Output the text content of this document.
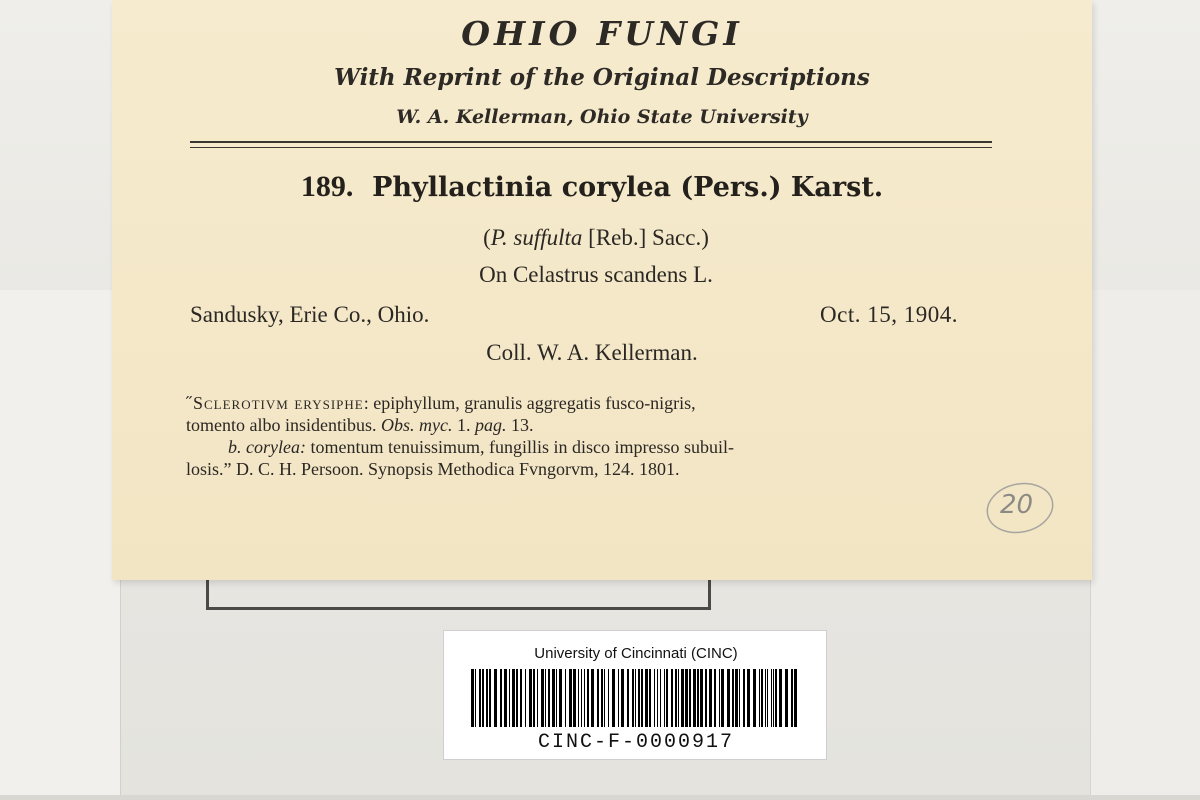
OHIO FUNGI
With Reprint of the Original Descriptions
W. A. Kellerman, Ohio State University
189. Phyllactinia corylea (Pers.) Karst.
(P. suffulta [Reb.] Sacc.)
On Celastrus scandens L.
Sandusky, Erie Co., Ohio.	Oct. 15, 1904.
Coll. W. A. Kellerman.
˝Sclerotivm erysiphe: epiphyllum, granulis aggregatis fusco-nigris,
tomento albo insidentibus. Obs. myc. 1. pag. 13.
b. corylea: tomentum tenuissimum, fungillis in disco impresso subuil-
losis.” D. C. H. Persoon. Synopsis Methodica Fvngorvm, 124. 1801.
20
University of Cincinnati (CINC)
CINC-F-0000917
